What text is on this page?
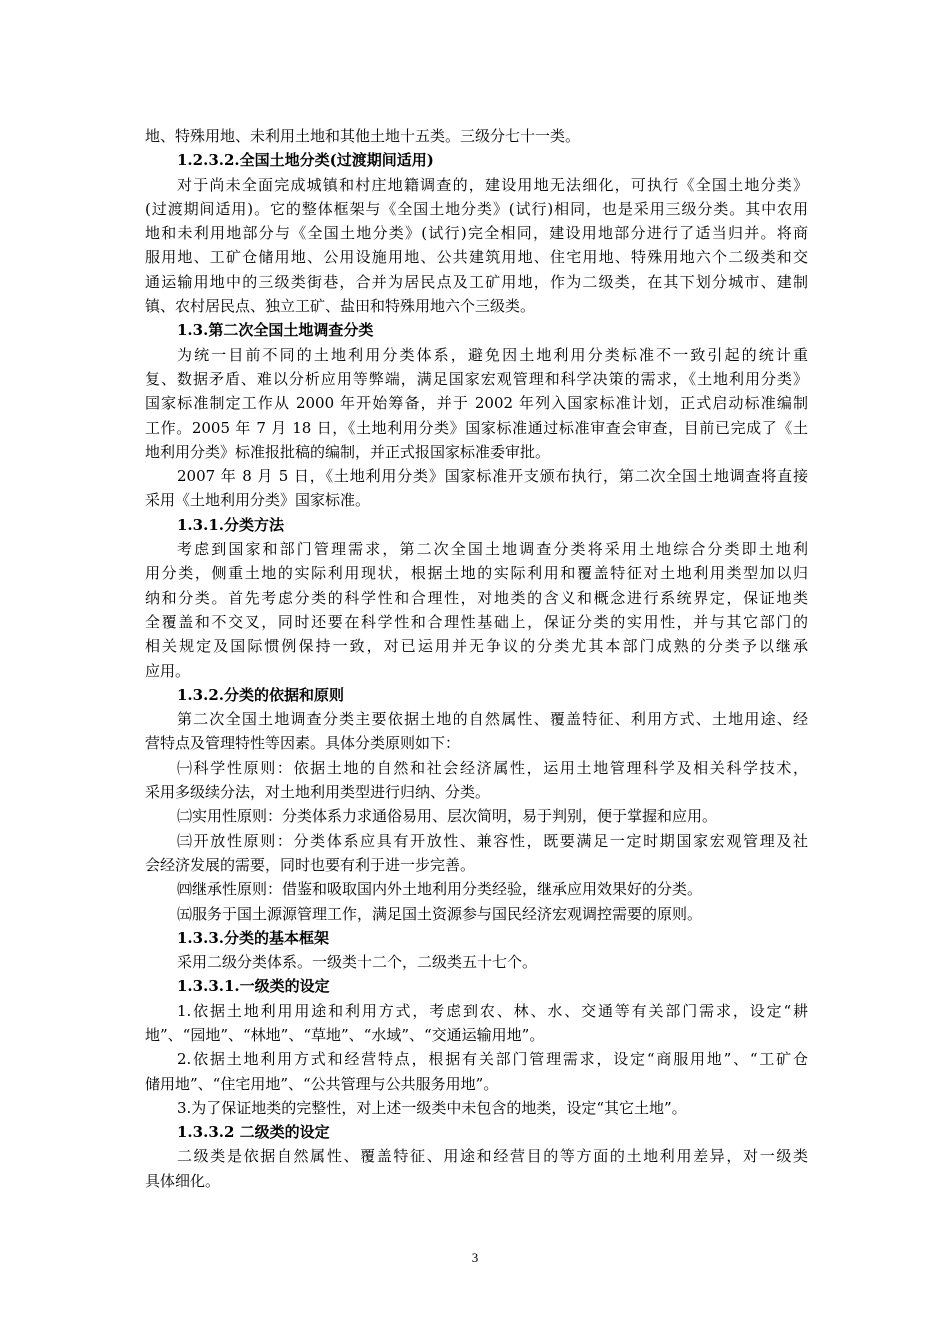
地、特殊用地、未利用土地和其他土地十五类。三级分七十一类。
1.2.3.2.全国土地分类(过渡期间适用)
对于尚未全面完成城镇和村庄地籍调查的，建设用地无法细化，可执行《全国土地分类》
(过渡期间适用)。它的整体框架与《全国土地分类》(试行)相同，也是采用三级分类。其中农用
地和未利用地部分与《全国土地分类》(试行)完全相同，建设用地部分进行了适当归并。将商
服用地、工矿仓储用地、公用设施用地、公共建筑用地、住宅用地、特殊用地六个二级类和交
通运输用地中的三级类街巷，合并为居民点及工矿用地，作为二级类，在其下划分城市、建制
镇、农村居民点、独立工矿、盐田和特殊用地六个三级类。
1.3.第二次全国土地调查分类
为统一目前不同的土地利用分类体系，避免因土地利用分类标准不一致引起的统计重
复、数据矛盾、难以分析应用等弊端，满足国家宏观管理和科学决策的需求，《土地利用分类》
国家标准制定工作从 2000 年开始筹备，并于 2002 年列入国家标准计划，正式启动标准编制
工作。2005 年 7 月 18 日，《土地利用分类》国家标准通过标准审查会审查，目前已完成了《土
地利用分类》标准报批稿的编制，并正式报国家标准委审批。
2007 年 8 月 5 日，《土地利用分类》国家标准开支颁布执行，第二次全国土地调查将直接
采用《土地利用分类》国家标准。
1.3.1.分类方法
考虑到国家和部门管理需求，第二次全国土地调查分类将采用土地综合分类即土地利
用分类，侧重土地的实际利用现状，根据土地的实际利用和覆盖特征对土地利用类型加以归
纳和分类。首先考虑分类的科学性和合理性，对地类的含义和概念进行系统界定，保证地类
全覆盖和不交叉，同时还要在科学性和合理性基础上，保证分类的实用性，并与其它部门的
相关规定及国际惯例保持一致，对已运用并无争议的分类尤其本部门成熟的分类予以继承
应用。
1.3.2.分类的依据和原则
第二次全国土地调查分类主要依据土地的自然属性、覆盖特征、利用方式、土地用途、经
营特点及管理特性等因素。具体分类原则如下：
㈠科学性原则：依据土地的自然和社会经济属性，运用土地管理科学及相关科学技术，
采用多级续分法，对土地利用类型进行归纳、分类。
㈡实用性原则：分类体系力求通俗易用、层次简明，易于判别，便于掌握和应用。
㈢开放性原则：分类体系应具有开放性、兼容性，既要满足一定时期国家宏观管理及社
会经济发展的需要，同时也要有利于进一步完善。
㈣继承性原则：借鉴和吸取国内外土地利用分类经验，继承应用效果好的分类。
㈤服务于国土源源管理工作，满足国土资源参与国民经济宏观调控需要的原则。
1.3.3.分类的基本框架
采用二级分类体系。一级类十二个，二级类五十七个。
1.3.3.1.一级类的设定
1.依据土地利用用途和利用方式，考虑到农、林、水、交通等有关部门需求，设定“耕
地”、“园地”、“林地”、“草地”、“水域”、“交通运输用地”。
2.依据土地利用方式和经营特点，根据有关部门管理需求，设定“商服用地”、“工矿仓
储用地”、“住宅用地”、“公共管理与公共服务用地”。
3.为了保证地类的完整性，对上述一级类中未包含的地类，设定“其它土地”。
1.3.3.2 二级类的设定
二级类是依据自然属性、覆盖特征、用途和经营目的等方面的土地利用差异，对一级类
具体细化。
3
